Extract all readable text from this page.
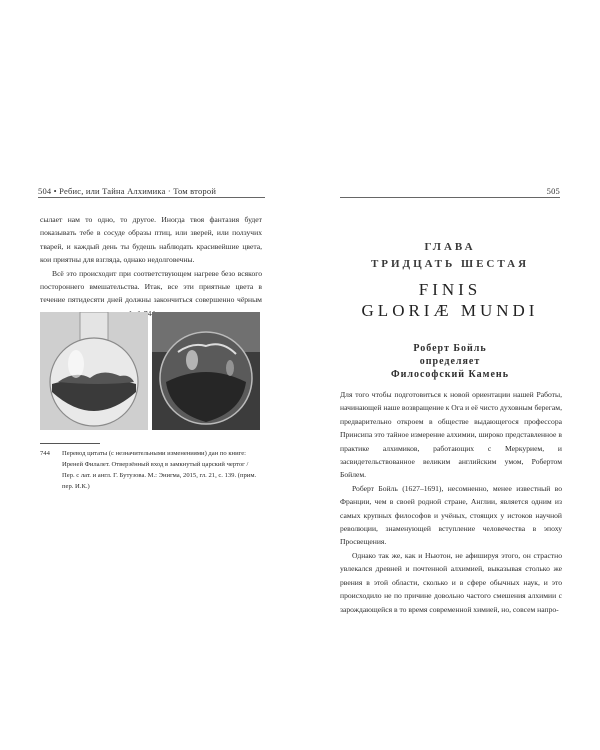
504 • Ребис, или Тайна Алхимика · Том второй

сылает нам то одно, то другое. Иногда твоя фантазия будет показывать тебе в сосуде образы птиц, или зверей, или ползучих тварей, и каждый день ты будешь наблюдать красивейшие цвета, кои приятны для взгляда, однако недолговечны.

Всё это происходит при соответствующем нагреве безо всякого постороннего вмешательства. Итак, все эти приятные цвета в течение пятидесяти дней должны закончиться совершенно чёрным

744	Перевод цитаты (с незначительными изменениями) дан по книге: Иреней Филалет. Отверзённый вход в замкнутый царский чертог / Пер. с лат. и англ. Г. Бутузова. М.: Энигма, 2015, гл. 21, с. 139. (прим. пер. И.К.)
505
ГЛАВА
ТРИДЦАТЬ ШЕСТАЯ
FINIS
GLORIÆ MUNDI
Роберт Бойль
определяет
Философский Камень

Для того чтобы подготовиться к новой ориентации нашей Работы, начинающей наше возвращение к Ога и её чисто духовным берегам, предварительно откроем в обществе выдающегося профессора Принсипа это тайное измерение алхимии, широко представленное в практике алхимиков, работающих с Меркурием, и засвидетельствованное великим английским умом, Робертом Бойлем.

Роберт Бойль (1627–1691), несомненно, менее известный во Франции, чем в своей родной стране, Англии, является одним из самых крупных философов и учёных, стоящих у истоков научной революции, знаменующей вступление человечества в эпоху Просвещения.

Однако так же, как и Ньютон, не афишируя этого, он страстно увлекался древней и почтенной алхимией, выказывая столько же рвения в этой области, сколько и в сфере обычных наук, и это происходило не по причине довольно частого смешения алхимии с зарождающейся в то время современной химией, но, совсем напро-
